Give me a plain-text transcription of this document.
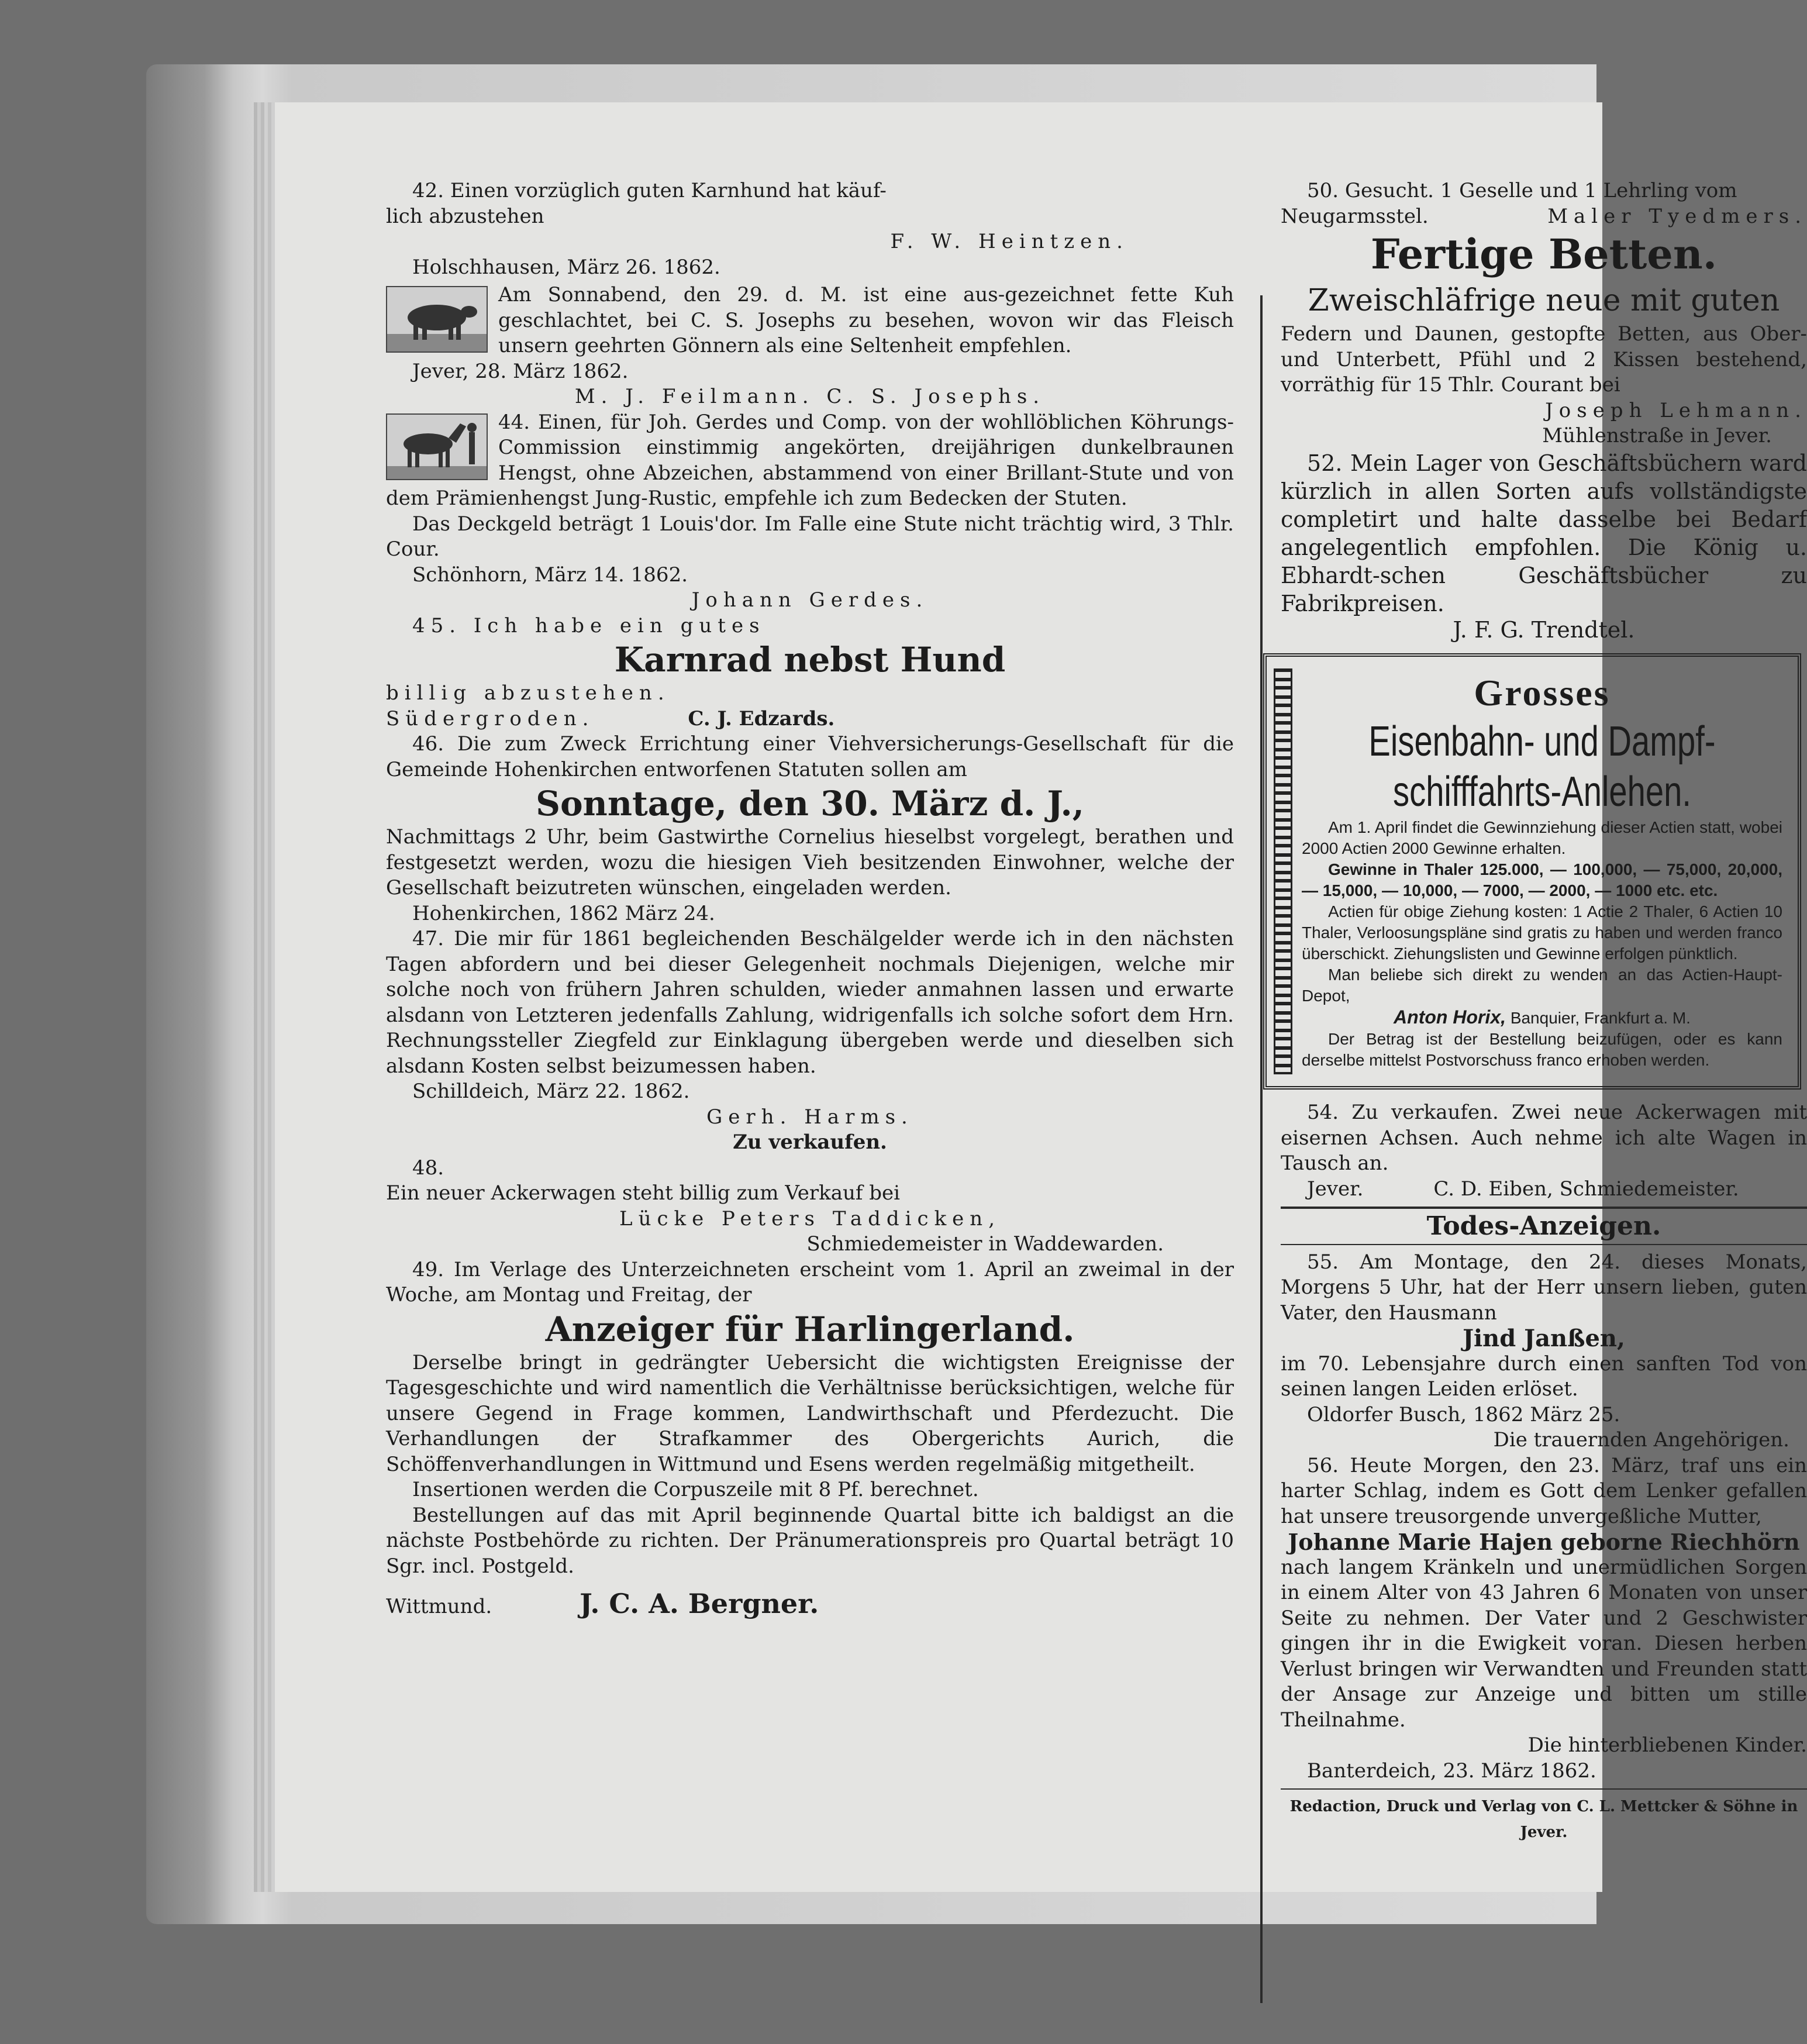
42. Einen vorzüglich guten Karnhund hat käuf-

lich abzustehen

F. W. Heintzen.

Holschhausen, März 26. 1862.

Am Sonnabend, den 29. d. M. ist eine aus-gezeichnet fette Kuh geschlachtet, bei C. S. Josephs zu besehen, wovon wir das Fleisch unsern geehrten Gönnern als eine Seltenheit empfehlen.

Jever, 28. März 1862.

M. J. Feilmann. C. S. Josephs.

44. Einen, für Joh. Gerdes und Comp. von der wohllöblichen Köhrungs-Commission einstimmig angekörten, dreijährigen dunkelbraunen Hengst, ohne Abzeichen, abstammend von einer Brillant-Stute und von dem Prämienhengst Jung-Rustic, empfehle ich zum Bedecken der Stuten.

Das Deckgeld beträgt 1 Louis'dor. Im Falle eine Stute nicht trächtig wird, 3 Thlr. Cour.

Schönhorn, März 14. 1862.

Johann Gerdes.

45. Ich habe ein gutes

Karnrad nebst Hund

billig abzustehen.

Südergroden.	C. J. Edzards.

46. Die zum Zweck Errichtung einer Viehversicherungs-Gesellschaft für die Gemeinde Hohenkirchen entworfenen Statuten sollen am

Sonntage, den 30. März d. J.,

Nachmittags 2 Uhr, beim Gastwirthe Cornelius hieselbst vorgelegt, berathen und festgesetzt werden, wozu die hiesigen Vieh besitzenden Einwohner, welche der Gesellschaft beizutreten wünschen, eingeladen werden.

Hohenkirchen, 1862 März 24.

47. Die mir für 1861 begleichenden Beschälgelder werde ich in den nächsten Tagen abfordern und bei dieser Gelegenheit nochmals Diejenigen, welche mir solche noch von frühern Jahren schulden, wieder anmahnen lassen und erwarte alsdann von Letzteren jedenfalls Zahlung, widrigenfalls ich solche sofort dem Hrn. Rechnungssteller Ziegfeld zur Einklagung übergeben werde und dieselben sich alsdann Kosten selbst beizumessen haben.

Schilldeich, März 22. 1862.

Gerh. Harms.

Zu verkaufen.

48.

Ein neuer Ackerwagen steht billig zum Verkauf bei

Lücke Peters Taddicken,

Schmiedemeister in Waddewarden.

49. Im Verlage des Unterzeichneten erscheint vom 1. April an zweimal in der Woche, am Montag und Freitag, der

Anzeiger für Harlingerland.

Derselbe bringt in gedrängter Uebersicht die wichtigsten Ereignisse der Tagesgeschichte und wird namentlich die Verhältnisse berücksichtigen, welche für unsere Gegend in Frage kommen, Landwirthschaft und Pferdezucht. Die Verhandlungen der Strafkammer des Obergerichts Aurich, die Schöffenverhandlungen in Wittmund und Esens werden regelmäßig mitgetheilt.

Insertionen werden die Corpuszeile mit 8 Pf. berechnet.

Bestellungen auf das mit April beginnende Quartal bitte ich baldigst an die nächste Postbehörde zu richten. Der Pränumerationspreis pro Quartal beträgt 10 Sgr. incl. Postgeld.

Wittmund.	J. C. A. Bergner.

50. Gesucht. 1 Geselle und 1 Lehrling vom

Neugarmsstel.	Maler Tyedmers.

Fertige Betten.

Zweischläfrige neue mit guten

Federn und Daunen, gestopfte Betten, aus Ober- und Unterbett, Pfühl und 2 Kissen bestehend, vorräthig für 15 Thlr. Courant bei

Joseph Lehmann.

Mühlenstraße in Jever.

52. Mein Lager von Geschäftsbüchern ward kürzlich in allen Sorten aufs vollständigste completirt und halte dasselbe bei Bedarf angelegentlich empfohlen. Die König u. Ebhardt-schen Geschäftsbücher zu Fabrikpreisen.

J. F. G. Trendtel.

Grosses
Eisenbahn- und Dampf-
schifffahrts-Anlehen.

Am 1. April findet die Gewinnziehung dieser Actien statt, wobei 2000 Actien 2000 Gewinne erhalten.

Gewinne in Thaler 125.000, — 100,000, — 75,000, 20,000, — 15,000, — 10,000, — 7000, — 2000, — 1000 etc. etc.

Actien für obige Ziehung kosten: 1 Actie 2 Thaler, 6 Actien 10 Thaler, Verloosungspläne sind gratis zu haben und werden franco überschickt. Ziehungslisten und Gewinne erfolgen pünktlich.

Man beliebe sich direkt zu wenden an das Actien-Haupt-Depot,

Anton Horix, Banquier, Frankfurt a. M.

Der Betrag ist der Bestellung beizufügen, oder es kann derselbe mittelst Postvorschuss franco erhoben werden.

54. Zu verkaufen. Zwei neue Ackerwagen mit eisernen Achsen. Auch nehme ich alte Wagen in Tausch an.

Jever.	C. D. Eiben, Schmiedemeister.

Todes-Anzeigen.

55. Am Montage, den 24. dieses Monats, Morgens 5 Uhr, hat der Herr unsern lieben, guten Vater, den Hausmann

Jind Janßen,

im 70. Lebensjahre durch einen sanften Tod von seinen langen Leiden erlöset.

Oldorfer Busch, 1862 März 25.

Die trauernden Angehörigen.

56. Heute Morgen, den 23. März, traf uns ein harter Schlag, indem es Gott dem Lenker gefallen hat unsere treusorgende unvergeßliche Mutter,

Johanne Marie Hajen geborne Riechhörn

nach langem Kränkeln und unermüdlichen Sorgen in einem Alter von 43 Jahren 6 Monaten von unser Seite zu nehmen. Der Vater und 2 Geschwister gingen ihr in die Ewigkeit voran. Diesen herben Verlust bringen wir Verwandten und Freunden statt der Ansage zur Anzeige und bitten um stille Theilnahme.

Die hinterbliebenen Kinder.

Banterdeich, 23. März 1862.

Redaction, Druck und Verlag von C. L. Mettcker & Söhne in Jever.
